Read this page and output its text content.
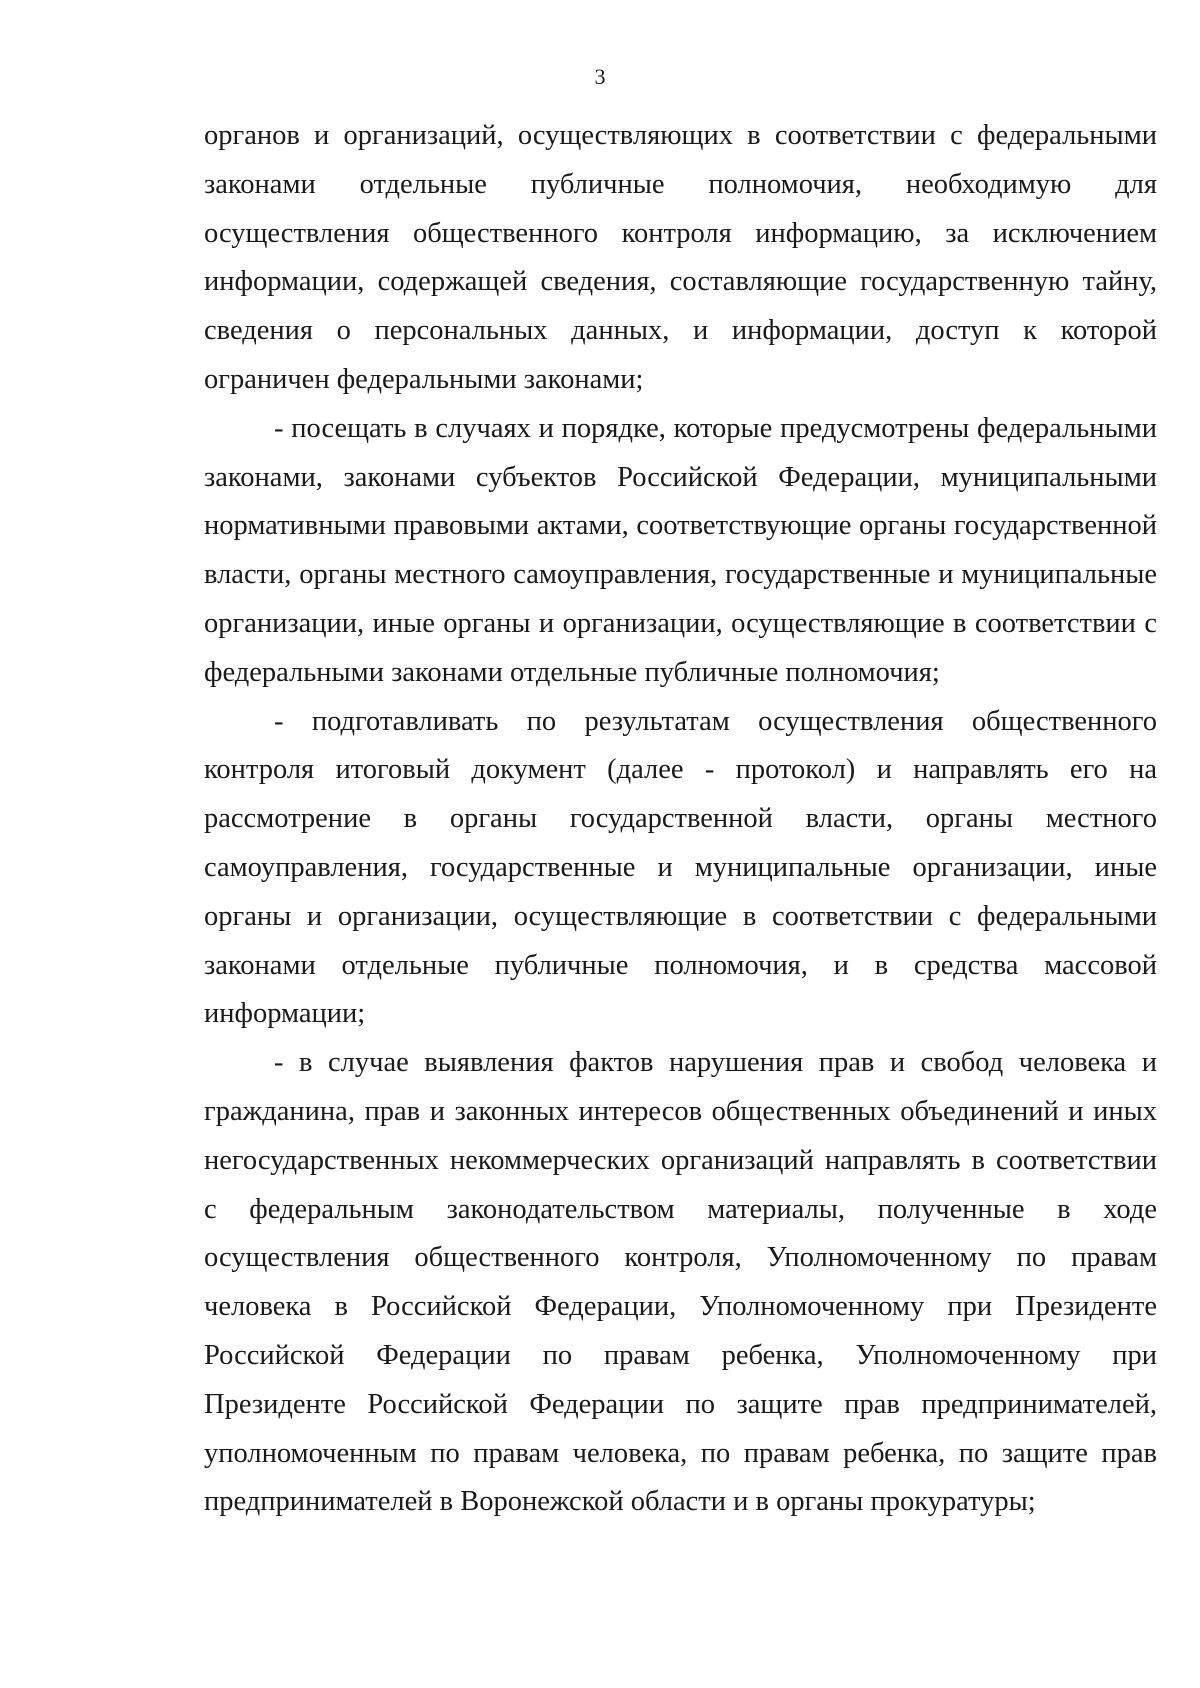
3

органов и организаций, осуществляющих в соответствии с федеральными законами отдельные публичные полномочия, необходимую для осуществления общественного контроля информацию, за исключением информации, содержащей сведения, составляющие государственную тайну, сведения о персональных данных, и информации, доступ к которой ограничен федеральными законами;

- посещать в случаях и порядке, которые предусмотрены федеральными законами, законами субъектов Российской Федерации, муниципальными нормативными правовыми актами, соответствующие органы государственной власти, органы местного самоуправления, государственные и муниципальные организации, иные органы и организации, осуществляющие в соответствии с федеральными законами отдельные публичные полномочия;

- подготавливать по результатам осуществления общественного контроля итоговый документ (далее - протокол) и направлять его на рассмотрение в органы государственной власти, органы местного самоуправления, государственные и муниципальные организации, иные органы и организации, осуществляющие в соответствии с федеральными законами отдельные публичные полномочия, и в средства массовой информации;

- в случае выявления фактов нарушения прав и свобод человека и гражданина, прав и законных интересов общественных объединений и иных негосударственных некоммерческих организаций направлять в соответствии с федеральным законодательством материалы, полученные в ходе осуществления общественного контроля, Уполномоченному по правам человека в Российской Федерации, Уполномоченному при Президенте Российской Федерации по правам ребенка, Уполномоченному при Президенте Российской Федерации по защите прав предпринимателей, уполномоченным по правам человека, по правам ребенка, по защите прав предпринимателей в Воронежской области и в органы прокуратуры;
